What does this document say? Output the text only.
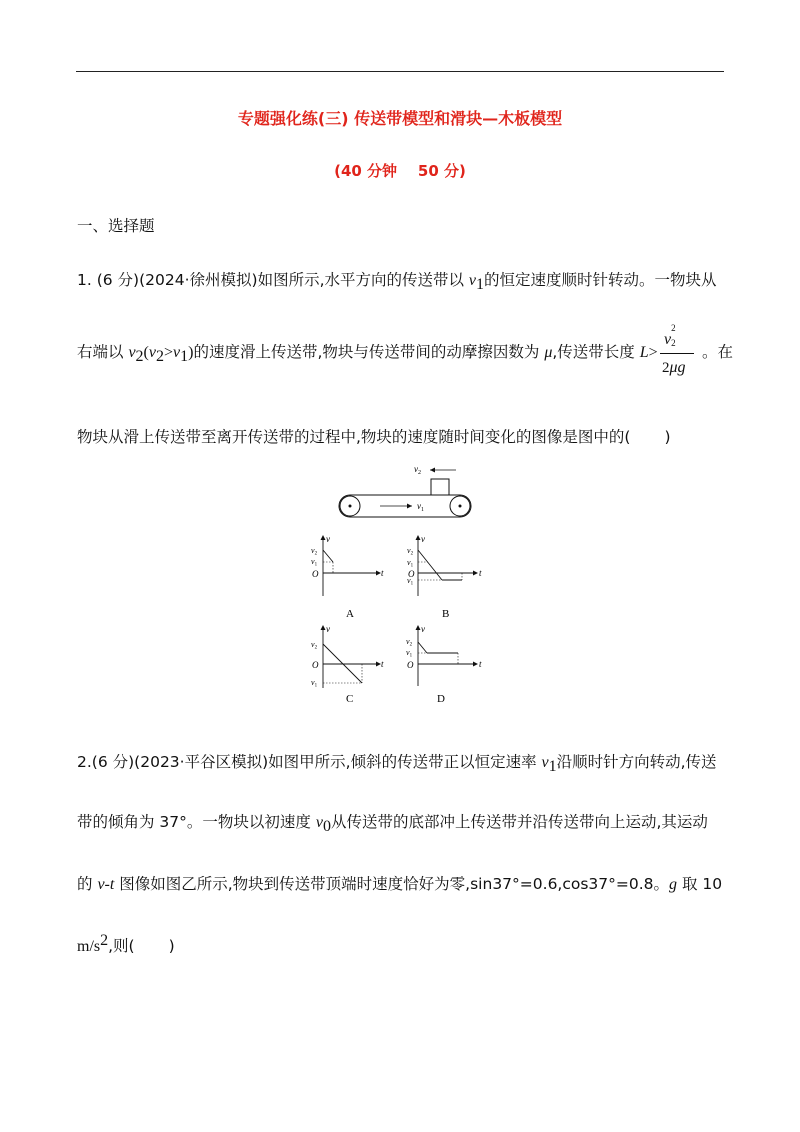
专题强化练(三) 传送带模型和滑块—木板模型
(40 分钟    50 分)
一、选择题
1. (6 分)(2024·徐州模拟)如图所示,水平方向的传送带以 $v_1$的恒定速度顺时针转动。一物块从
右端以 $v_2(v_2>v_1)$的速度滑上传送带,物块与传送带间的动摩擦因数为 μ,传送带长度 L>
v
2
2
2μg
。在
物块从滑上传送带至离开传送带的过程中,物块的速度随时间变化的图像是图中的( )
$v_1$
$v_2$
v
t
O
v2
v1
A
v
t
O
v2
v1
v1
B
v
t
O
v2
v1
C
v
t
O
v2
v1
D
2.(6 分)(2023·平谷区模拟)如图甲所示,倾斜的传送带正以恒定速率 $v_1$沿顺时针方向转动,传送
带的倾角为 37°。一物块以初速度 $v_0$从传送带的底部冲上传送带并沿传送带向上运动,其运动
的 v-t 图像如图乙所示,物块到传送带顶端时速度恰好为零,sin37°=0.6,cos37°=0.8。g 取 10
$m/s^2$,则( )
